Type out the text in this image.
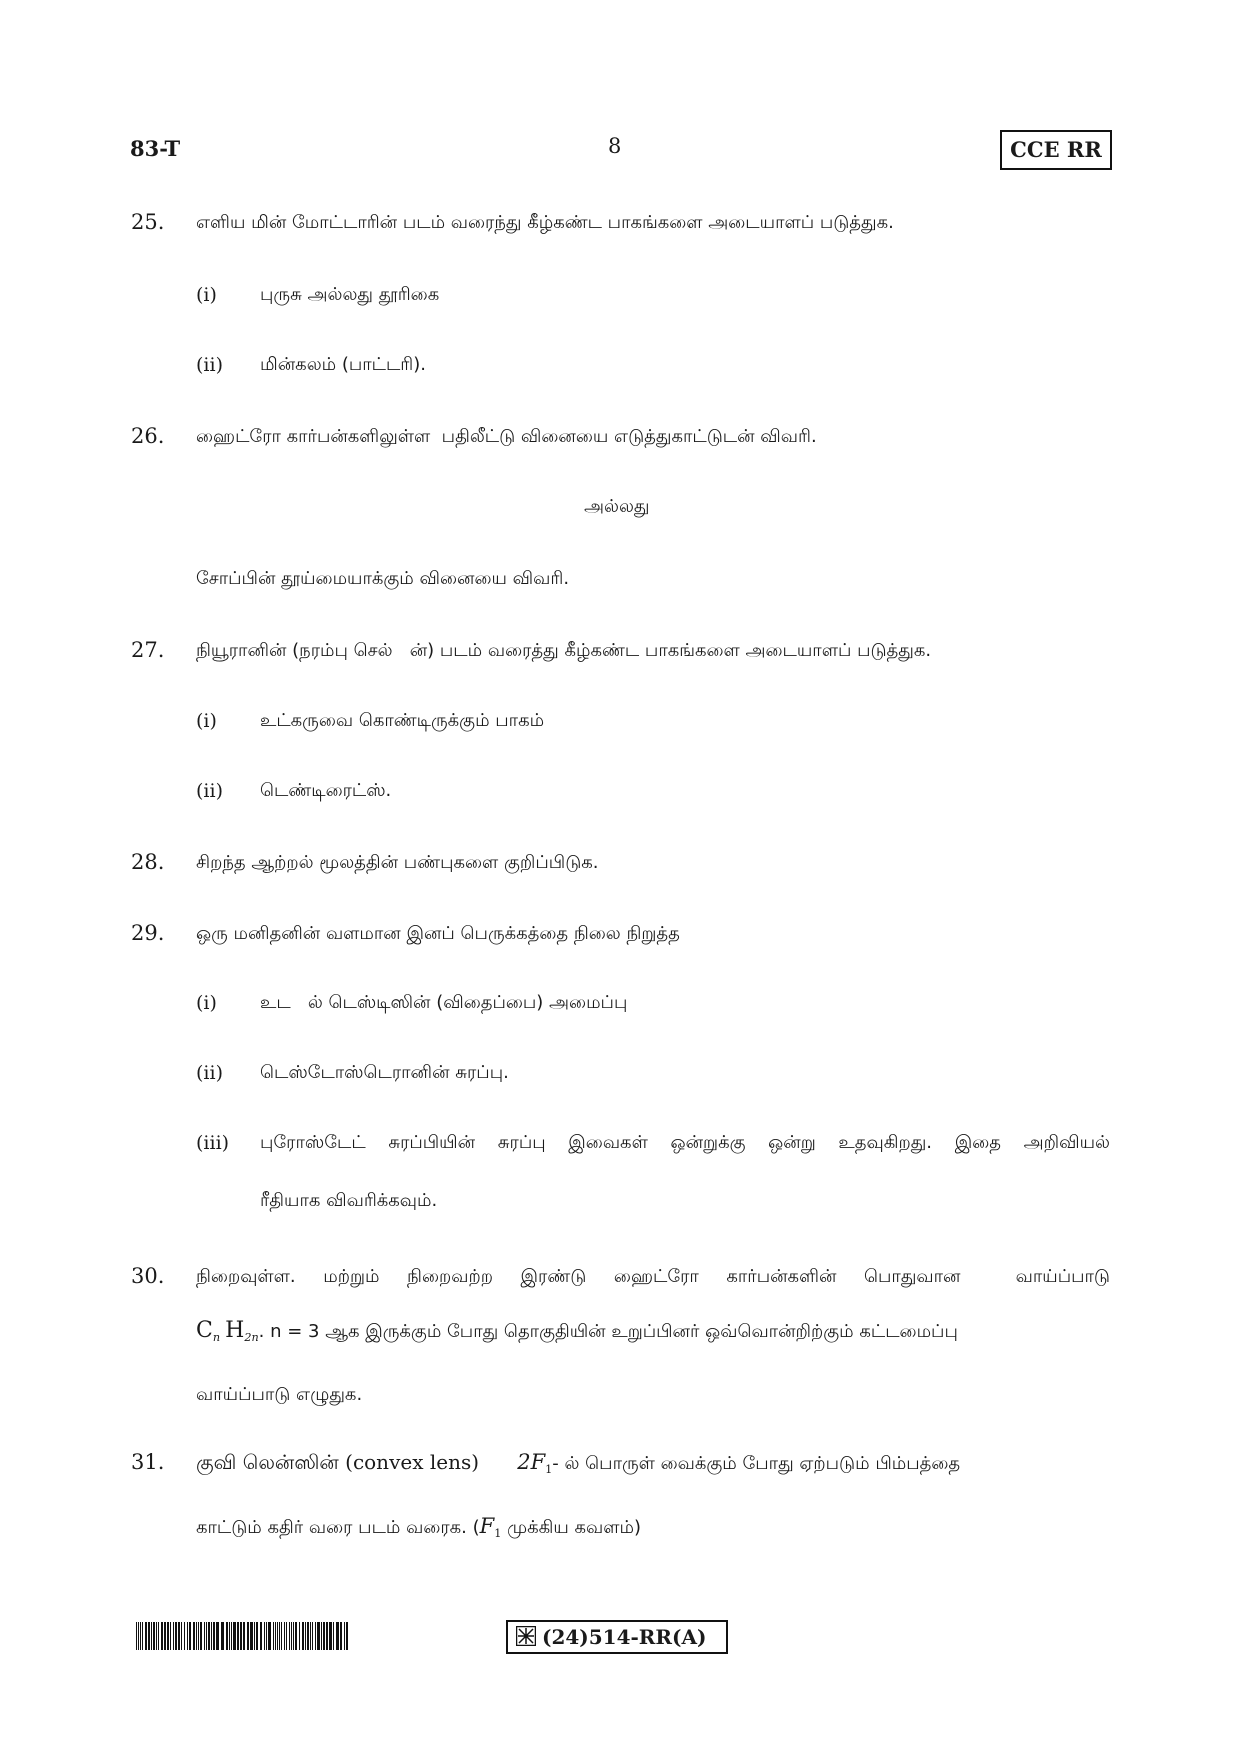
83-T	8	CCE RR
25. எளிய மின் மோட்டாரின் படம் வரைந்து கீழ்கண்ட பாகங்களை அடையாளப் படுத்துக.
(i) புருசு அல்லது தூரிகை
(ii) மின்கலம் (பாட்டரி).
26. ஹைட்ரோ கார்பன்களிலுள்ள  பதிலீட்டு வினையை எடுத்துகாட்டுடன் விவரி.
அல்லது
சோப்பின் தூய்மையாக்கும் வினையை விவரி.
27. நியூரானின் (நரம்பு செல்   ன்) படம் வரைத்து கீழ்கண்ட பாகங்களை அடையாளப் படுத்துக.
(i) உட்கருவை கொண்டிருக்கும் பாகம்
(ii) டெண்டிரைட்ஸ்.
28. சிறந்த ஆற்றல் மூலத்தின் பண்புகளை குறிப்பிடுக.
29. ஒரு மனிதனின் வளமான இனப் பெருக்கத்தை நிலை நிறுத்த
(i) உட   ல் டெஸ்டிஸின் (விதைப்பை) அமைப்பு
(ii) டெஸ்டோஸ்டெரானின் சுரப்பு.
(iii) புரோஸ்டேட் சுரப்பியின் சுரப்பு இவைகள் ஒன்றுக்கு ஒன்று உதவுகிறது. இதை அறிவியல்
ரீதியாக விவரிக்கவும்.
30. நிறைவுள்ள. மற்றும் நிறைவற்ற இரண்டு ஹைட்ரோ கார்பன்களின் பொதுவான  வாய்ப்பாடு
$C_n$ $H_{2n}$. n = 3 ஆக இருக்கும் போது தொகுதியின் உறுப்பினர் ஒவ்வொன்றிற்கும் கட்டமைப்பு
வாய்ப்பாடு எழுதுக.
31. குவி லென்ஸின் (convex lens) $2F_1-$ ல் பொருள் வைக்கும் போது ஏற்படும் பிம்பத்தை
காட்டும் கதிர் வரை படம் வரைக. ($F_1$ முக்கிய கவளம்)
(24)514-RR(A)
